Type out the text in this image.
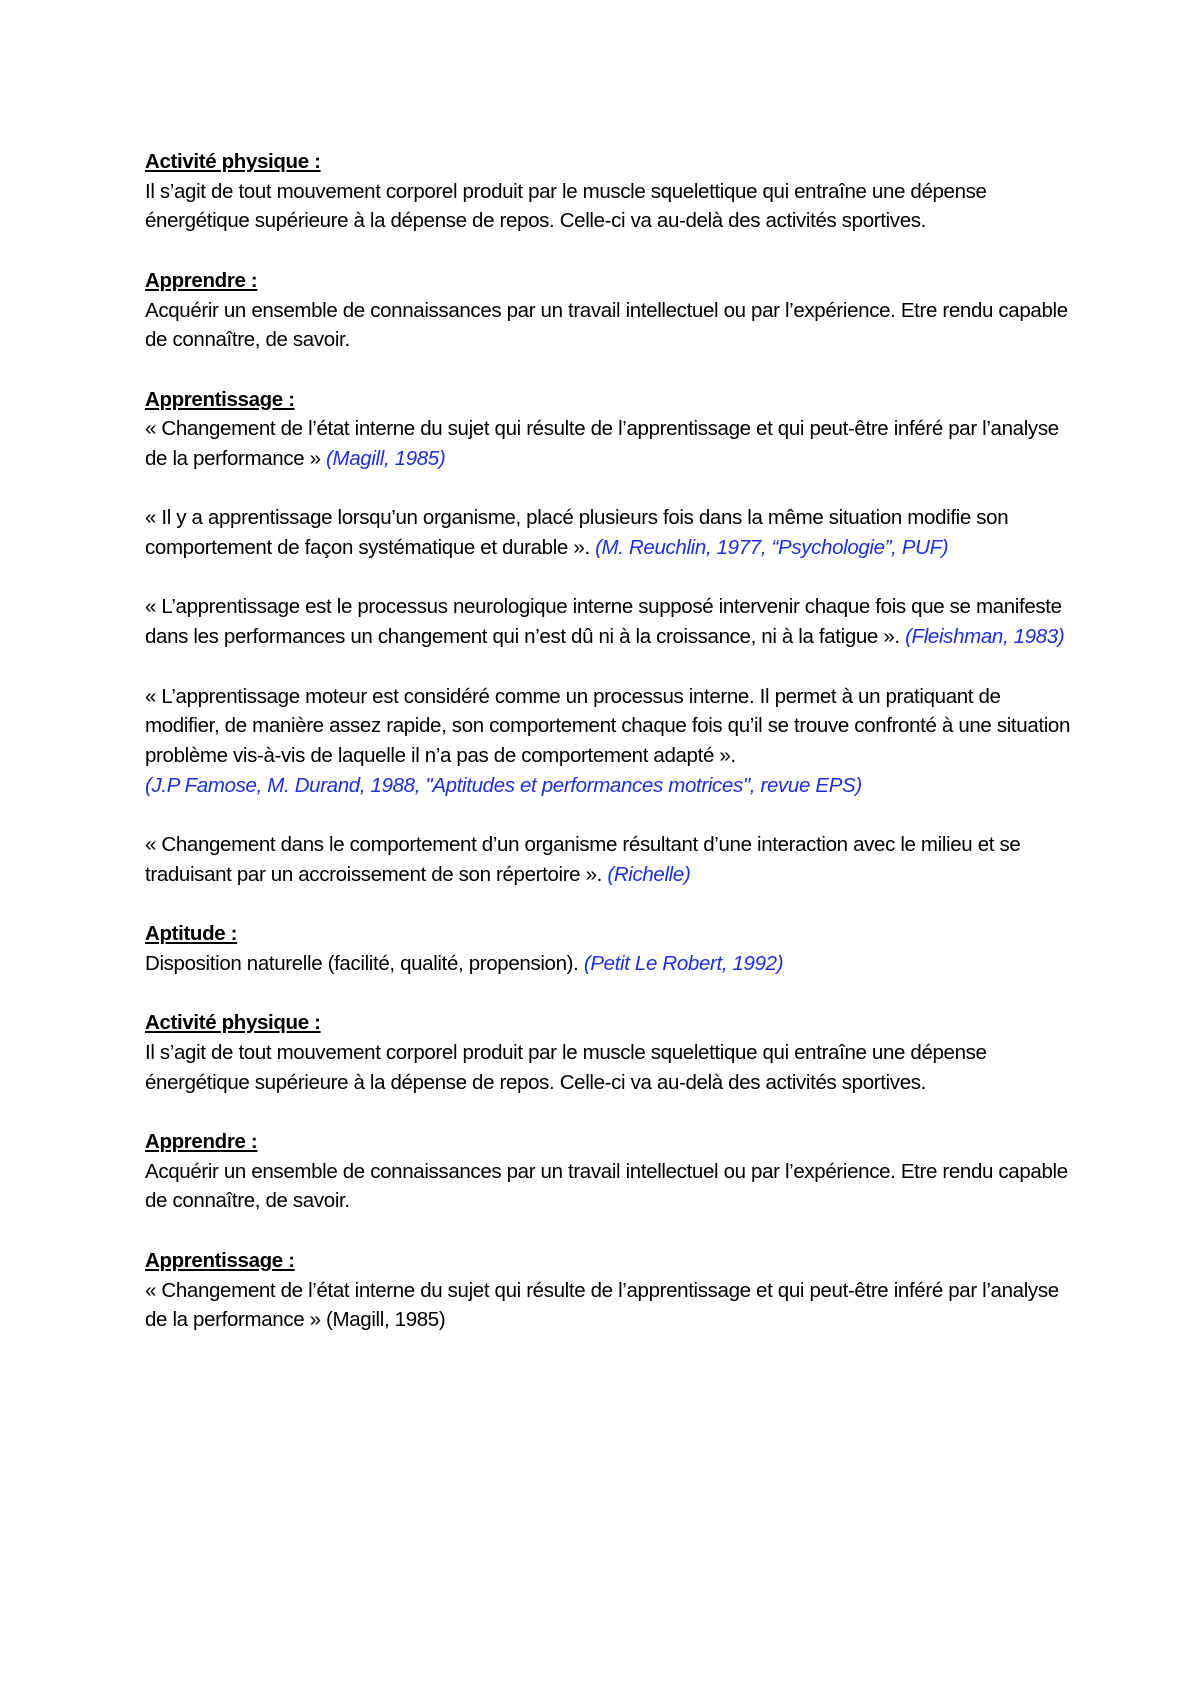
Activité physique :

Il s’agit de tout mouvement corporel produit par le muscle squelettique qui entraîne une dépense énergétique supérieure à la dépense de repos. Celle-ci va au-delà des activités sportives.

Apprendre :

Acquérir un ensemble de connaissances par un travail intellectuel ou par l’expérience. Etre rendu capable de connaître, de savoir.

Apprentissage :

« Changement de l’état interne du sujet qui résulte de l’apprentissage et qui peut-être inféré par l’analyse de la performance » (Magill, 1985)

« Il y a apprentissage lorsqu’un organisme, placé plusieurs fois dans la même situation modifie son comportement de façon systématique et durable ». (M. Reuchlin, 1977, “Psychologie”, PUF)

« L’apprentissage est le processus neurologique interne supposé intervenir chaque fois que se manifeste dans les performances un changement qui n’est dû ni à la croissance, ni à la fatigue ». (Fleishman, 1983)

« L’apprentissage moteur est considéré comme un processus interne. Il permet à un pratiquant de modifier, de manière assez rapide, son comportement chaque fois qu’il se trouve confronté à une situation problème vis-à-vis de laquelle il n’a pas de comportement adapté ».

(J.P Famose, M. Durand, 1988, "Aptitudes et performances motrices", revue EPS)

« Changement dans le comportement d’un organisme résultant d’une interaction avec le milieu et se traduisant par un accroissement de son répertoire ». (Richelle)

Aptitude :

Disposition naturelle (facilité, qualité, propension). (Petit Le Robert, 1992)

Activité physique :

Il s’agit de tout mouvement corporel produit par le muscle squelettique qui entraîne une dépense énergétique supérieure à la dépense de repos. Celle-ci va au-delà des activités sportives.

Apprendre :

Acquérir un ensemble de connaissances par un travail intellectuel ou par l’expérience. Etre rendu capable de connaître, de savoir.

Apprentissage :

« Changement de l’état interne du sujet qui résulte de l’apprentissage et qui peut-être inféré par l’analyse de la performance » (Magill, 1985)
